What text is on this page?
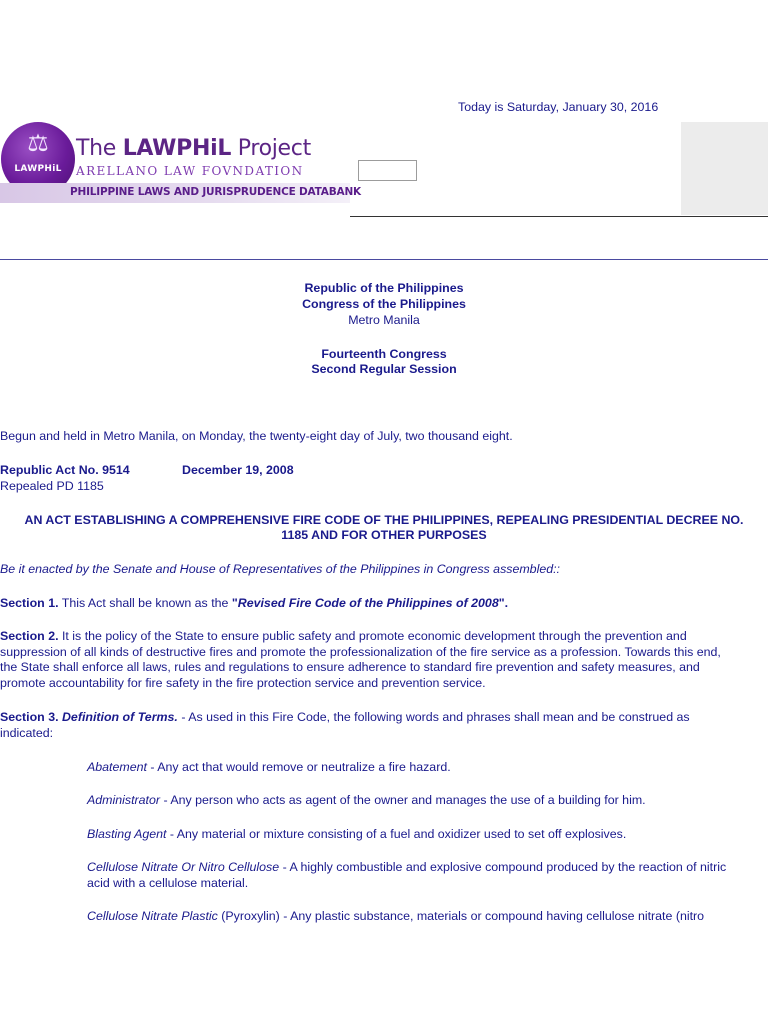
Today is Saturday, January 30, 2016
⚖
LAWPHiL
The LAWPHiL Project
ARELLANO LAW FOVNDATION
PHILIPPINE LAWS AND JURISPRUDENCE DATABANK
Republic of the Philippines
Congress of the Philippines
Metro Manila
Fourteenth Congress
Second Regular Session
Begun and held in Metro Manila, on Monday, the twenty-eight day of July, two thousand eight.
Republic Act No. 9514	December 19, 2008
Repealed PD 1185
AN ACT ESTABLISHING A COMPREHENSIVE FIRE CODE OF THE PHILIPPINES, REPEALING PRESIDENTIAL DECREE NO.
1185 AND FOR OTHER PURPOSES
Be it enacted by the Senate and House of Representatives of the Philippines in Congress assembled::
Section 1. This Act shall be known as the "Revised Fire Code of the Philippines of 2008".
Section 2. It is the policy of the State to ensure public safety and promote economic development through the prevention and
suppression of all kinds of destructive fires and promote the professionalization of the fire service as a profession. Towards this end,
the State shall enforce all laws, rules and regulations to ensure adherence to standard fire prevention and safety measures, and
promote accountability for fire safety in the fire protection service and prevention service.
Section 3. Definition of Terms. - As used in this Fire Code, the following words and phrases shall mean and be construed as
indicated:
Abatement - Any act that would remove or neutralize a fire hazard.
Administrator - Any person who acts as agent of the owner and manages the use of a building for him.
Blasting Agent - Any material or mixture consisting of a fuel and oxidizer used to set off explosives.
Cellulose Nitrate Or Nitro Cellulose - A highly combustible and explosive compound produced by the reaction of nitric
acid with a cellulose material.
Cellulose Nitrate Plastic (Pyroxylin) - Any plastic substance, materials or compound having cellulose nitrate (nitro
